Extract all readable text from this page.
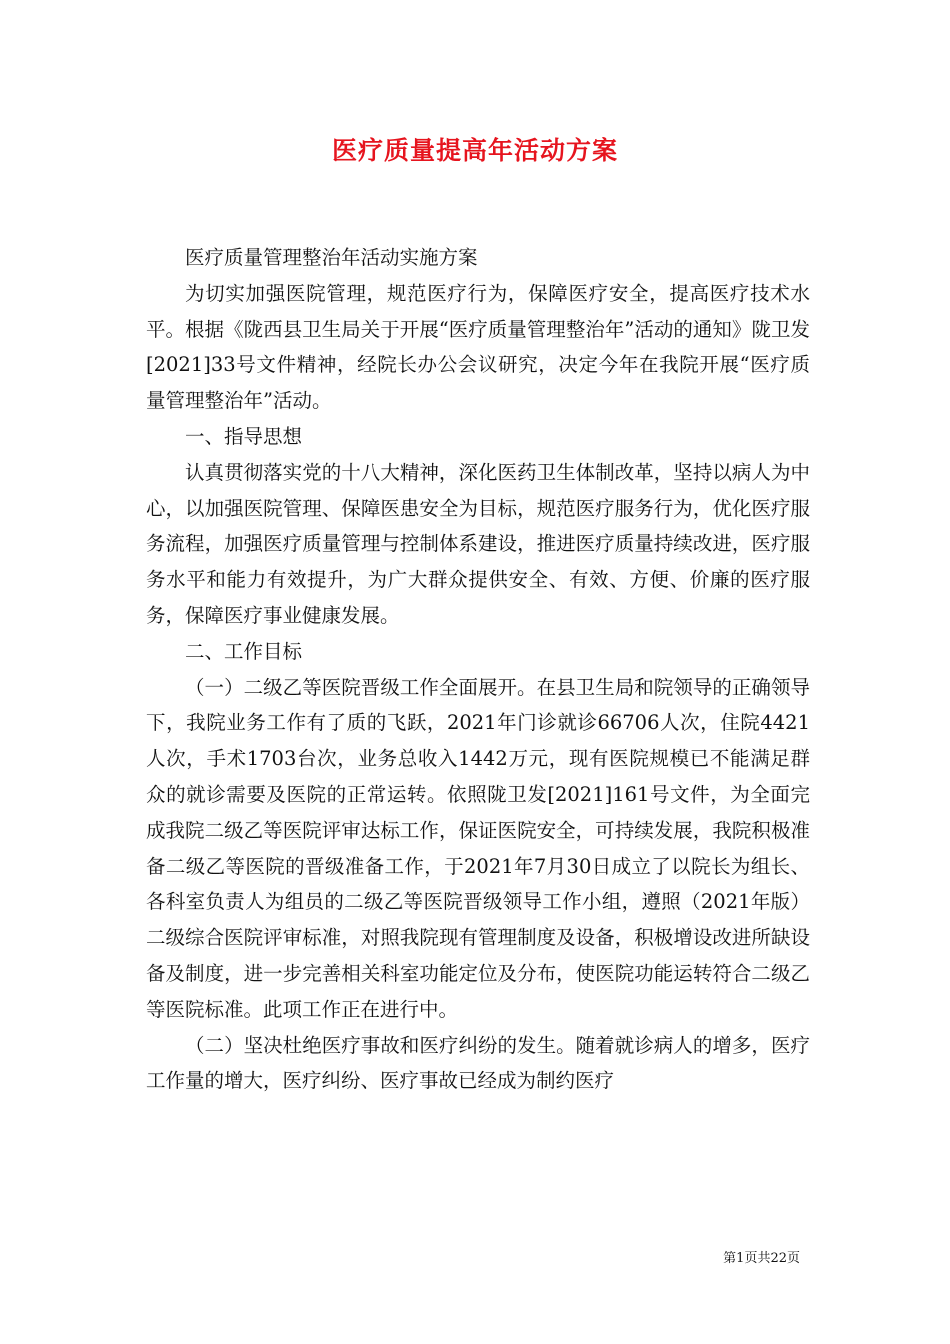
医疗质量提高年活动方案

医疗质量管理整治年活动实施方案

为切实加强医院管理，规范医疗行为，保障医疗安全，提高医疗技术水平。根据《陇西县卫生局关于开展“医疗质量管理整治年”活动的通知》陇卫发[2021]33号文件精神，经院长办公会议研究，决定今年在我院开展“医疗质量管理整治年”活动。

一、指导思想

认真贯彻落实党的十八大精神，深化医药卫生体制改革，坚持以病人为中心，以加强医院管理、保障医患安全为目标，规范医疗服务行为，优化医疗服务流程，加强医疗质量管理与控制体系建设，推进医疗质量持续改进，医疗服务水平和能力有效提升，为广大群众提供安全、有效、方便、价廉的医疗服务，保障医疗事业健康发展。

二、工作目标

（一）二级乙等医院晋级工作全面展开。在县卫生局和院领导的正确领导下，我院业务工作有了质的飞跃，2021年门诊就诊66706人次，住院4421人次，手术1703台次，业务总收入1442万元，现有医院规模已不能满足群众的就诊需要及医院的正常运转。依照陇卫发[2021]161号文件，为全面完成我院二级乙等医院评审达标工作，保证医院安全，可持续发展，我院积极准备二级乙等医院的晋级准备工作，于2021年7月30日成立了以院长为组长、各科室负责人为组员的二级乙等医院晋级领导工作小组，遵照（2021年版）二级综合医院评审标准，对照我院现有管理制度及设备，积极增设改进所缺设备及制度，进一步完善相关科室功能定位及分布，使医院功能运转符合二级乙等医院标准。此项工作正在进行中。

（二）坚决杜绝医疗事故和医疗纠纷的发生。随着就诊病人的增多，医疗工作量的增大，医疗纠纷、医疗事故已经成为制约医疗

第1页共22页
